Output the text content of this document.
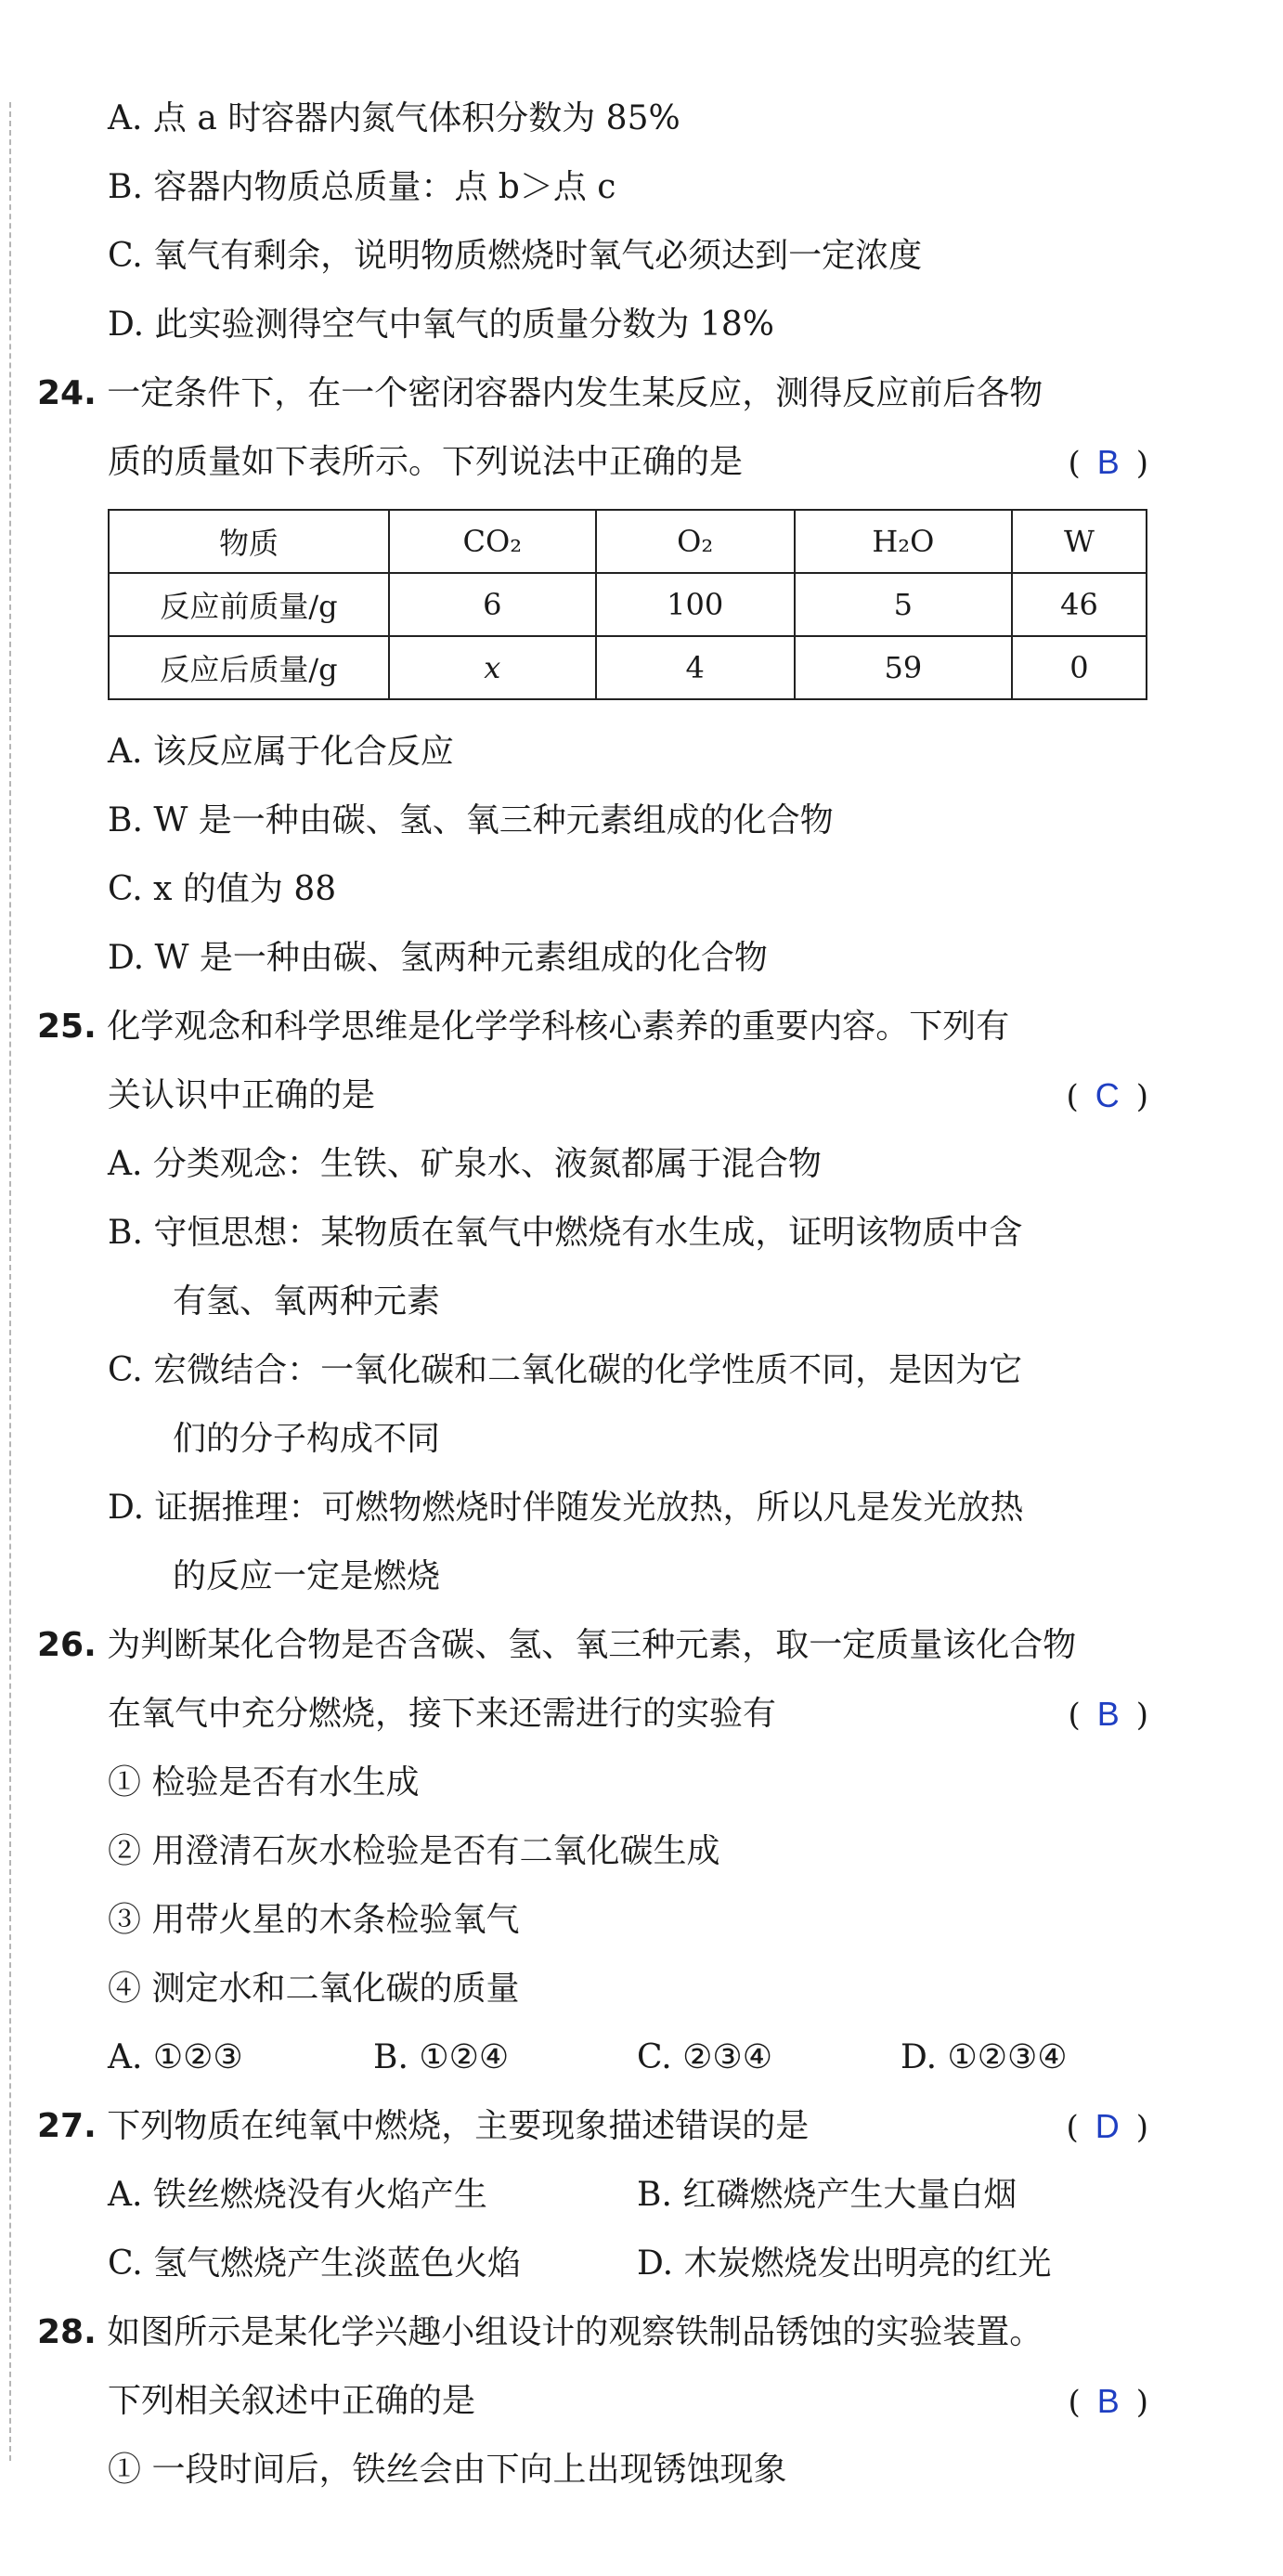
A. 点 a 时容器内氮气体积分数为 85%
B. 容器内物质总质量：点 b＞点 c
C. 氧气有剩余，说明物质燃烧时氧气必须达到一定浓度
D. 此实验测得空气中氧气的质量分数为 18%
24. 一定条件下，在一个密闭容器内发生某反应，测得反应前后各物
质的质量如下表所示。下列说法中正确的是	( B )
物质	CO₂	O₂	H₂O	W
反应前质量/g	6	100	5	46
反应后质量/g	x	4	59	0
A. 该反应属于化合反应
B. W 是一种由碳、氢、氧三种元素组成的化合物
C. x 的值为 88
D. W 是一种由碳、氢两种元素组成的化合物
25. 化学观念和科学思维是化学学科核心素养的重要内容。下列有
关认识中正确的是	( C )
A. 分类观念：生铁、矿泉水、液氮都属于混合物
B. 守恒思想：某物质在氧气中燃烧有水生成，证明该物质中含
有氢、氧两种元素
C. 宏微结合：一氧化碳和二氧化碳的化学性质不同，是因为它
们的分子构成不同
D. 证据推理：可燃物燃烧时伴随发光放热，所以凡是发光放热
的反应一定是燃烧
26. 为判断某化合物是否含碳、氢、氧三种元素，取一定质量该化合物
在氧气中充分燃烧，接下来还需进行的实验有	( B )
① 检验是否有水生成
② 用澄清石灰水检验是否有二氧化碳生成
③ 用带火星的木条检验氧气
④ 测定水和二氧化碳的质量
A. ①②③	B. ①②④	C. ②③④	D. ①②③④
27. 下列物质在纯氧中燃烧，主要现象描述错误的是	( D )
A. 铁丝燃烧没有火焰产生	B. 红磷燃烧产生大量白烟
C. 氢气燃烧产生淡蓝色火焰	D. 木炭燃烧发出明亮的红光
28. 如图所示是某化学兴趣小组设计的观察铁制品锈蚀的实验装置。
下列相关叙述中正确的是	( B )
① 一段时间后，铁丝会由下向上出现锈蚀现象
